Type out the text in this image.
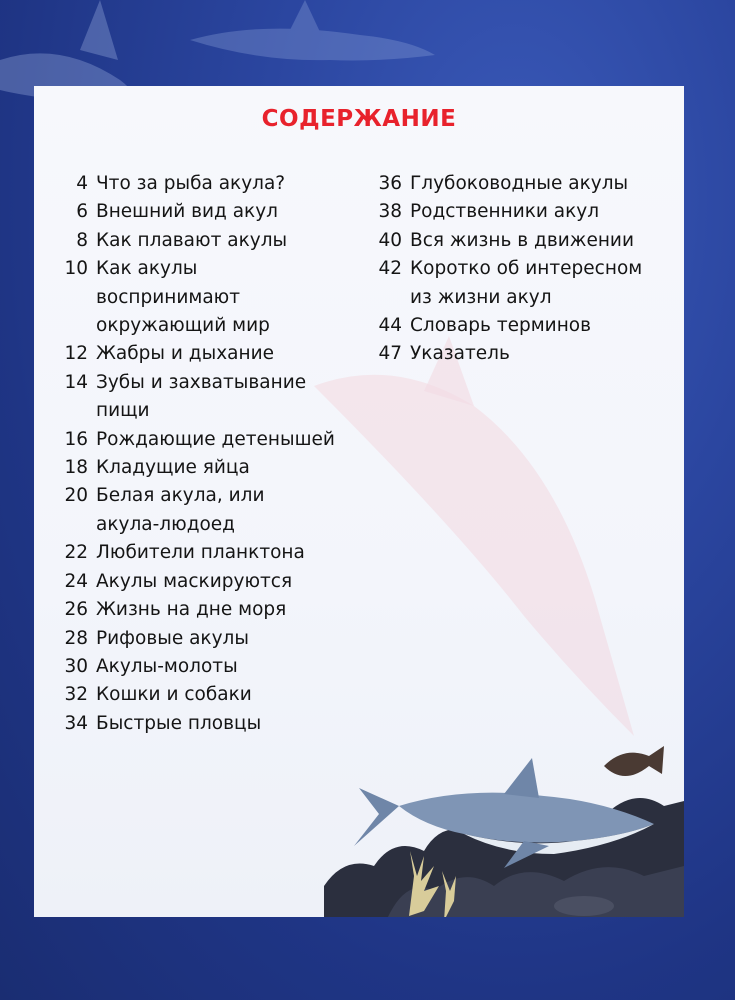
СОДЕРЖАНИЕ
4 Что за рыба акула?
6 Внешний вид акул
8 Как плавают акулы
10 Как акулы
воспринимают
окружающий мир
12 Жабры и дыхание
14 Зубы и захватывание
пищи
16 Рождающие детенышей
18 Кладущие яйца
20 Белая акула, или
акула-людоед
22 Любители планктона
24 Акулы маскируются
26 Жизнь на дне моря
28 Рифовые акулы
30 Акулы-молоты
32 Кошки и собаки
34 Быстрые пловцы
36 Глубоководные акулы
38 Родственники акул
40 Вся жизнь в движении
42 Коротко об интересном
из жизни акул
44 Словарь терминов
47 Указатель
